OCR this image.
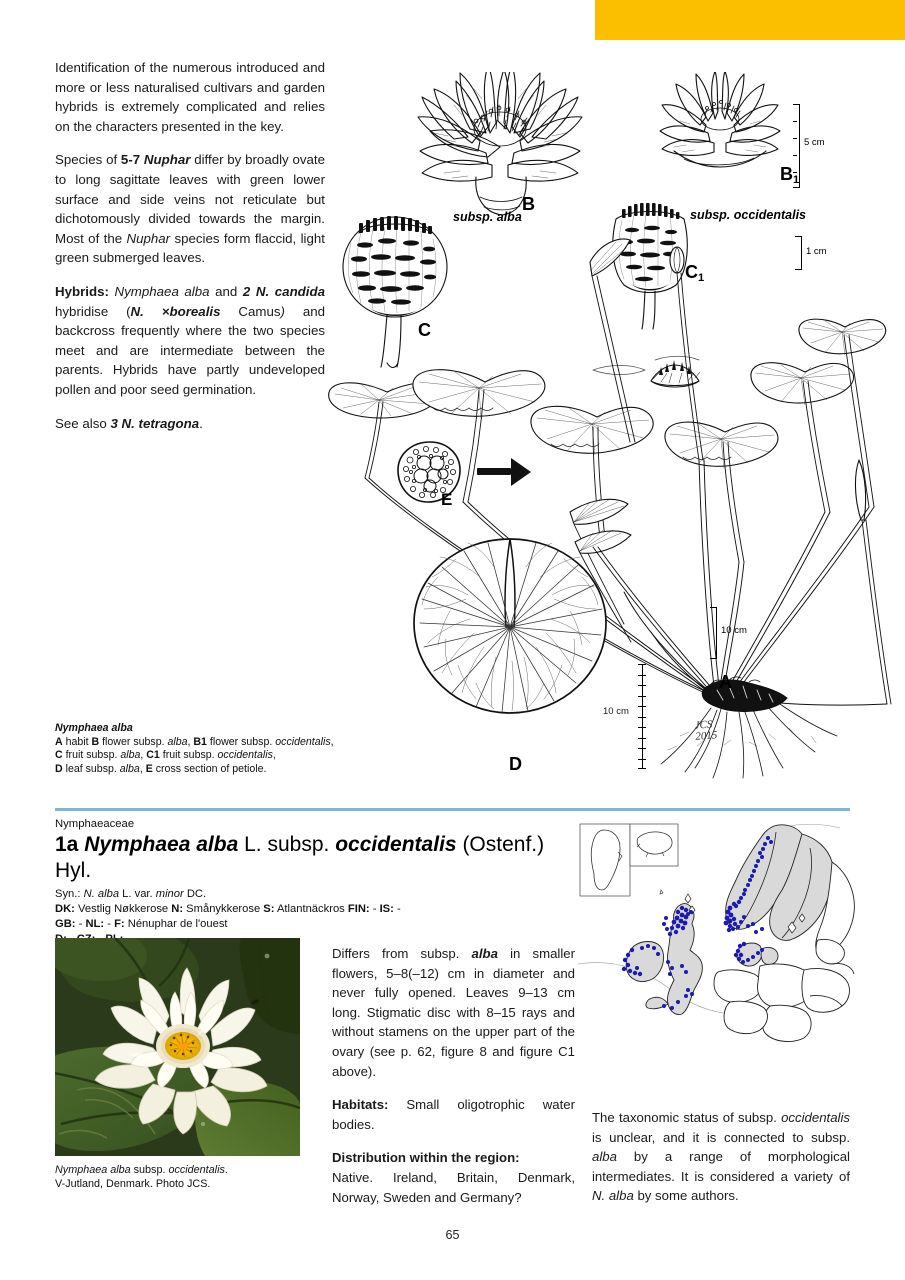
Identification of the numerous introduced and more or less naturalised cultivars and garden hybrids is extremely complicated and relies on the characters presented in the key.

Species of 5-7 Nuphar differ by broadly ovate to long sagittate leaves with green lower surface and side veins not reticulate but dichotomously divided towards the margin. Most of the Nuphar species form flaccid, light green submerged leaves.

Hybrids: Nymphaea alba and 2 N. candida hybridise (N. ×borealis Camus) and backcross frequently where the two species meet and are intermediate between the parents. Hybrids have partly undeveloped pollen and poor seed germination.

See also 3 N. tetragona.

B
$B_1$
C
$C_1$
D
E
A
subsp. alba	subsp. occidentalis
5 cm
1 cm
10 cm
10 cm
JCS
2015
Nymphaea alba
A habit B flower subsp. alba, B1 flower subsp. occidentalis,
C fruit subsp. alba, C1 fruit subsp. occidentalis,
D leaf subsp. alba, E cross section of petiole.
Nymphaeaceae
1a Nymphaea alba L. subsp. occidentalis (Ostenf.) Hyl.
Syn.: N. alba L. var. minor DC.
DK: Vestlig Nøkkerose N: Smånykkerose S: Atlantnäckros FIN: - IS: -
GB: - NL: - F: Nénuphar de l'ouest
Nymphaea alba subsp. occidentalis.
V-Jutland, Denmark. Photo JCS.

Differs from subsp. alba in smaller flowers, 5–8(–12) cm in diameter and never fully opened. Leaves 9–13 cm long. Stigmatic disc with 8–15 rays and without stamens on the upper part of the ovary (see p. 62, figure 8 and figure C1 above).

Habitats: Small oligotrophic water bodies.

Distribution within the region:
Native. Ireland, Britain, Denmark, Norway, Sweden and Germany?

The taxonomic status of subsp. occidentalis is unclear, and it is connected to subsp. alba by a range of morphological intermediates. It is considered a variety of N. alba by some authors.

65
